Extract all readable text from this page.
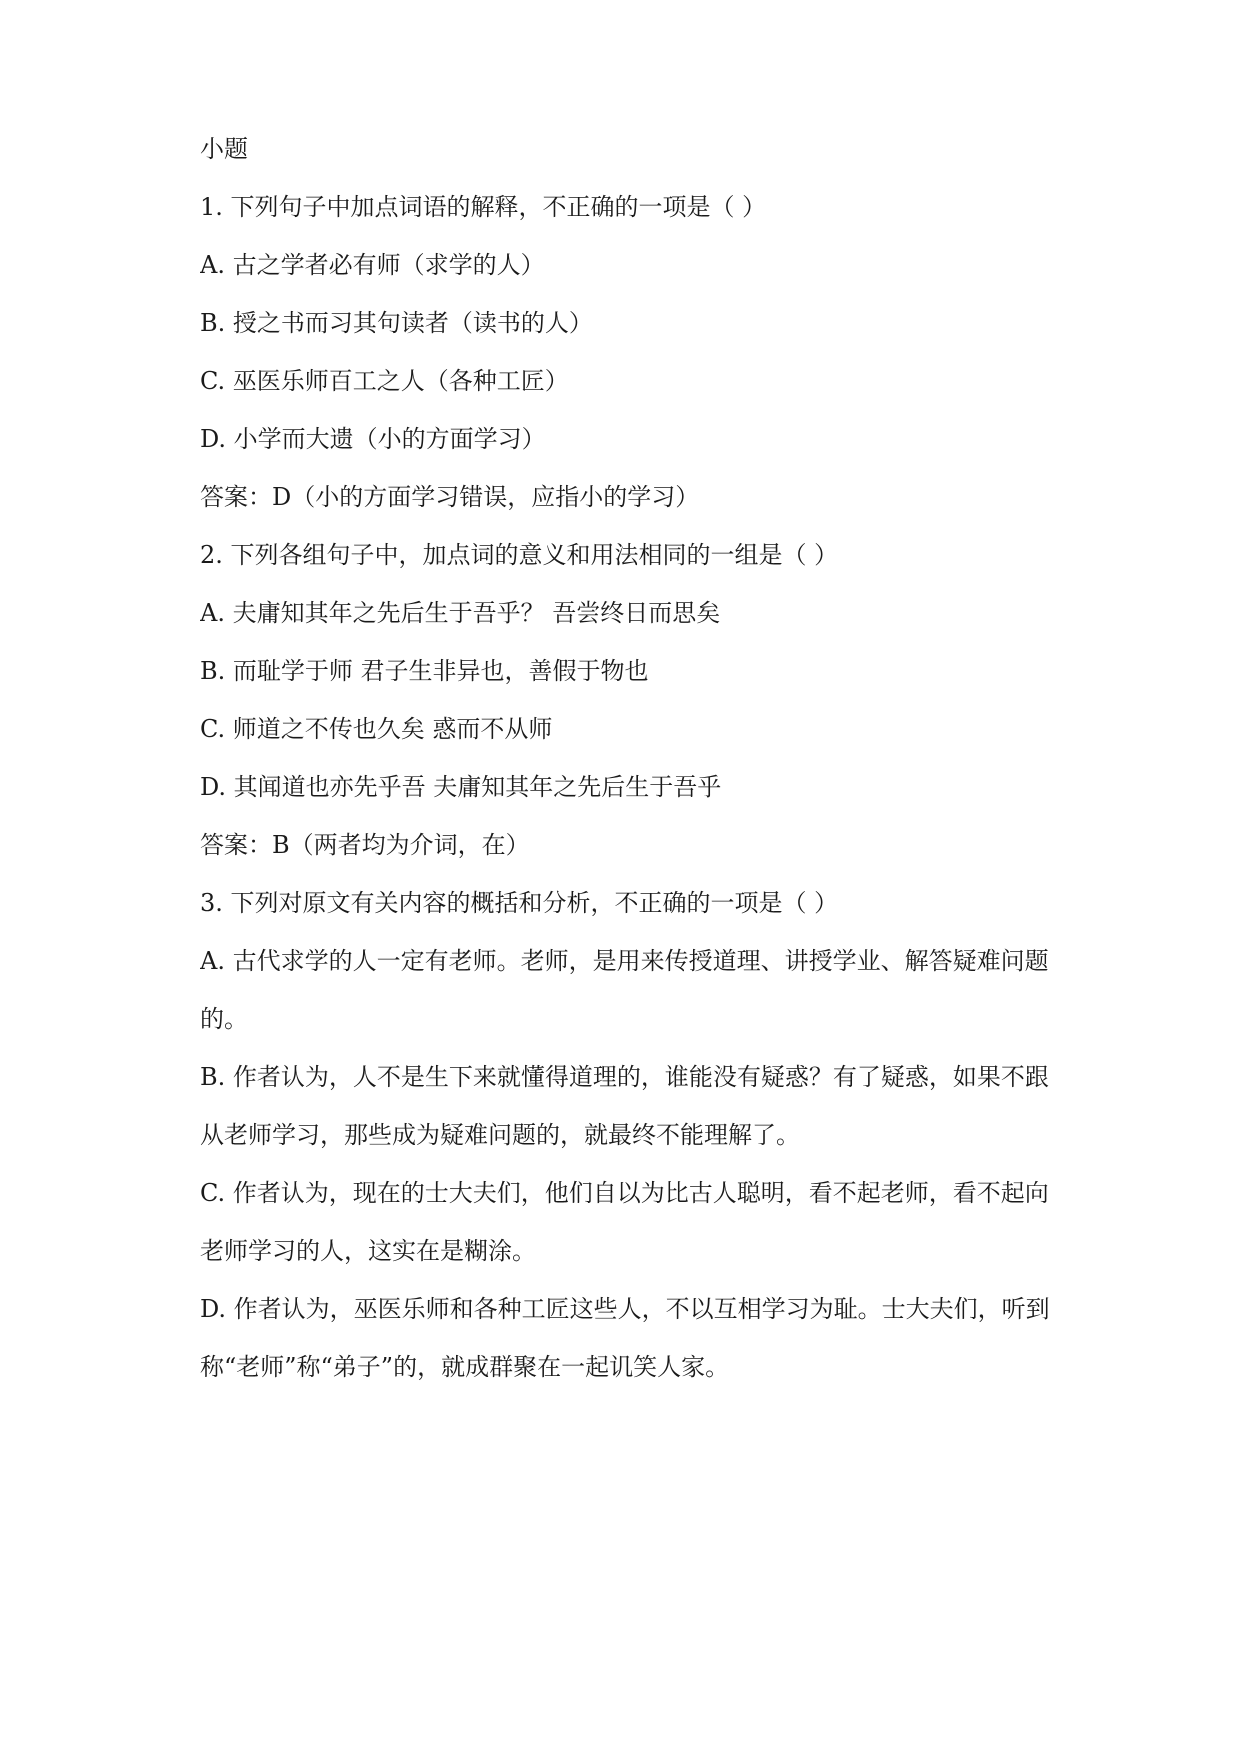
小题
1. 下列句子中加点词语的解释，不正确的一项是（ ）
A. 古之学者必有师（求学的人）
B. 授之书而习其句读者（读书的人）
C. 巫医乐师百工之人（各种工匠）
D. 小学而大遗（小的方面学习）
答案：D（小的方面学习错误，应指小的学习）
2. 下列各组句子中，加点词的意义和用法相同的一组是（ ）
A. 夫庸知其年之先后生于吾乎？ 吾尝终日而思矣
B. 而耻学于师 君子生非异也，善假于物也
C. 师道之不传也久矣 惑而不从师
D. 其闻道也亦先乎吾 夫庸知其年之先后生于吾乎
答案：B（两者均为介词，在）
3. 下列对原文有关内容的概括和分析，不正确的一项是（ ）
A. 古代求学的人一定有老师。老师，是用来传授道理、讲授学业、解答疑难问题
的。
B. 作者认为，人不是生下来就懂得道理的，谁能没有疑惑？有了疑惑，如果不跟
从老师学习，那些成为疑难问题的，就最终不能理解了。
C. 作者认为，现在的士大夫们，他们自以为比古人聪明，看不起老师，看不起向
老师学习的人，这实在是糊涂。
D. 作者认为，巫医乐师和各种工匠这些人，不以互相学习为耻。士大夫们，听到
称“老师”称“弟子”的，就成群聚在一起讥笑人家。
